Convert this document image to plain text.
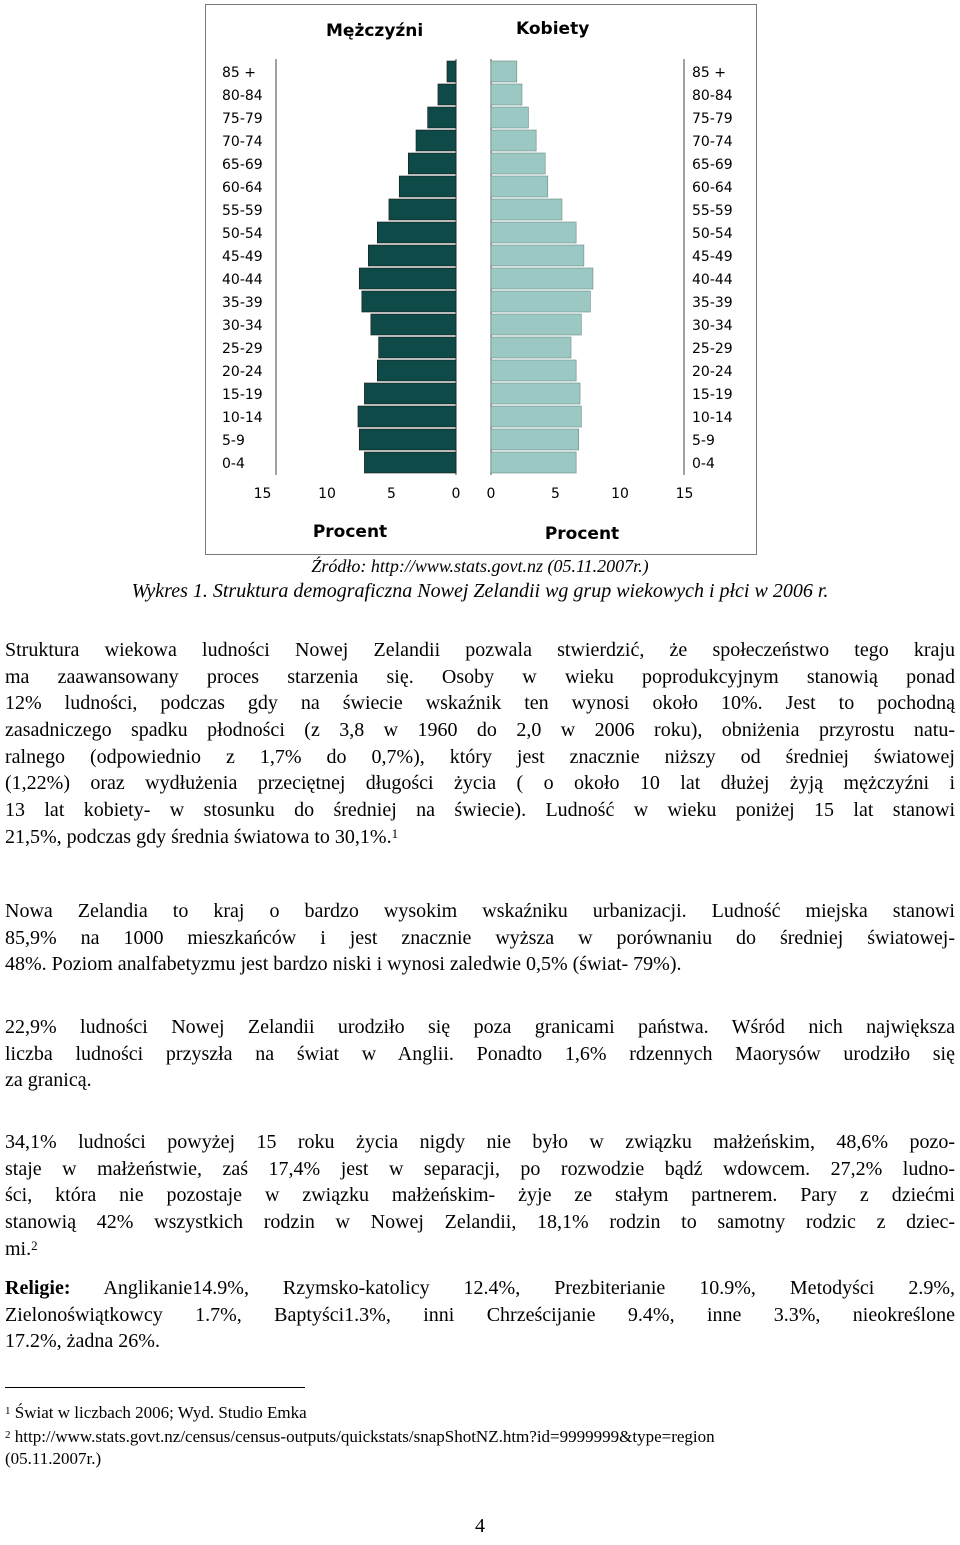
Mężczyźni	Kobiety
85 +	85 +
80-84	80-84
75-79	75-79
70-74	70-74
65-69	65-69
60-64	60-64
55-59	55-59
50-54	50-54
45-49	45-49
40-44	40-44
35-39	35-39
30-34	30-34
25-29	25-29
20-24	20-24
15-19	15-19
10-14	10-14
5-9	5-9
0-4	0-4
15	10	5	0 0	5	10	15
Procent	Procent
Źródło: http://www.stats.govt.nz (05.11.2007r.)
Wykres 1. Struktura demograficzna Nowej Zelandii wg grup wiekowych i płci w 2006 r.
Struktura wiekowa ludności Nowej Zelandii pozwala stwierdzić, że społeczeństwo tego kraju
ma zaawansowany proces starzenia się. Osoby w wieku poprodukcyjnym stanowią ponad
12% ludności, podczas gdy na świecie wskaźnik ten wynosi około 10%. Jest to pochodną
zasadniczego spadku płodności (z 3,8 w 1960 do 2,0 w 2006 roku), obniżenia przyrostu natu-
ralnego (odpowiednio z 1,7% do 0,7%), który jest znacznie niższy od średniej światowej
(1,22%) oraz wydłużenia przeciętnej długości życia ( o około 10 lat dłużej żyją mężczyźni i
13 lat kobiety- w stosunku do średniej na świecie). Ludność w wieku poniżej 15 lat stanowi
21,5%, podczas gdy średnia światowa to 30,1%.$^1$
Nowa Zelandia to kraj o bardzo wysokim wskaźniku urbanizacji. Ludność miejska stanowi
85,9% na 1000 mieszkańców i jest znacznie wyższa w porównaniu do średniej światowej-
48%. Poziom analfabetyzmu jest bardzo niski i wynosi zaledwie 0,5% (świat- 79%).
22,9% ludności Nowej Zelandii urodziło się poza granicami państwa. Wśród nich największa
liczba ludności przyszła na świat w Anglii. Ponadto 1,6% rdzennych Maorysów urodziło się
za granicą.
34,1% ludności powyżej 15 roku życia nigdy nie było w związku małżeńskim, 48,6% pozo-
staje w małżeństwie, zaś 17,4% jest w separacji, po rozwodzie bądź wdowcem. 27,2% ludno-
ści, która nie pozostaje w związku małżeńskim- żyje ze stałym partnerem. Pary z dziećmi
stanowią 42% wszystkich rodzin w Nowej Zelandii, 18,1% rodzin to samotny rodzic z dziec-
mi.$^2$
Religie: Anglikanie14.9%, Rzymsko-katolicy 12.4%, Prezbiterianie 10.9%, Metodyści 2.9%,
Zielonoświątkowcy 1.7%, Baptyści1.3%, inni Chrześcijanie 9.4%, inne 3.3%, nieokreślone
17.2%, żadna 26%.
$^1$ Świat w liczbach 2006; Wyd. Studio Emka
$^2$ http://www.stats.govt.nz/census/census-outputs/quickstats/snapShotNZ.htm?id=9999999&type=region
(05.11.2007r.)
4
